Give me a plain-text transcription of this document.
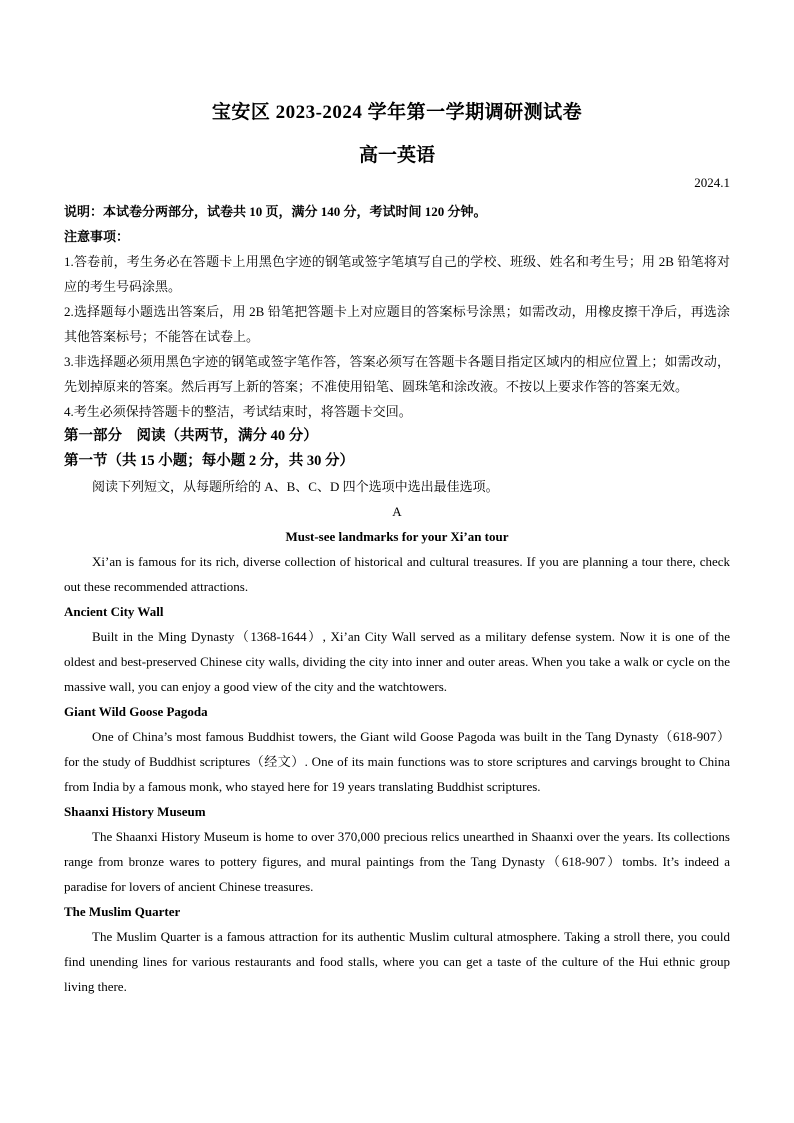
宝安区 2023-2024 学年第一学期调研测试卷
高一英语
2024.1

说明：本试卷分两部分，试卷共 10 页，满分 140 分，考试时间 120 分钟。

注意事项：

1.答卷前，考生务必在答题卡上用黑色字迹的钢笔或签字笔填写自己的学校、班级、姓名和考生号；用 2B 铅笔将对应的考生号码涂黑。

2.选择题每小题选出答案后，用 2B 铅笔把答题卡上对应题目的答案标号涂黑；如需改动，用橡皮擦干净后，再选涂其他答案标号；不能答在试卷上。

3.非选择题必须用黑色字迹的钢笔或签字笔作答，答案必须写在答题卡各题目指定区域内的相应位置上；如需改动，先划掉原来的答案。然后再写上新的答案；不准使用铅笔、圆珠笔和涂改液。不按以上要求作答的答案无效。

4.考生必须保持答题卡的整洁，考试结束时，将答题卡交回。

第一部分　阅读（共两节，满分 40 分）

第一节（共 15 小题；每小题 2 分，共 30 分）

阅读下列短文，从每题所给的 A、B、C、D 四个选项中选出最佳选项。

A

Must-see landmarks for your Xi’an tour

Xi’an is famous for its rich, diverse collection of historical and cultural treasures. If you are planning a tour there, check out these recommended attractions.

Ancient City Wall

Built in the Ming Dynasty（1368-1644）, Xi’an City Wall served as a military defense system. Now it is one of the oldest and best-preserved Chinese city walls, dividing the city into inner and outer areas. When you take a walk or cycle on the massive wall, you can enjoy a good view of the city and the watchtowers.

Giant Wild Goose Pagoda

One of China’s most famous Buddhist towers, the Giant wild Goose Pagoda was built in the Tang Dynasty（618-907）for the study of Buddhist scriptures（经文）. One of its main functions was to store scriptures and carvings brought to China from India by a famous monk, who stayed here for 19 years translating Buddhist scriptures.

Shaanxi History Museum

The Shaanxi History Museum is home to over 370,000 precious relics unearthed in Shaanxi over the years. Its collections range from bronze wares to pottery figures, and mural paintings from the Tang Dynasty（618-907）tombs. It’s indeed a paradise for lovers of ancient Chinese treasures.

The Muslim Quarter

The Muslim Quarter is a famous attraction for its authentic Muslim cultural atmosphere. Taking a stroll there, you could find unending lines for various restaurants and food stalls, where you can get a taste of the culture of the Hui ethnic group living there.
